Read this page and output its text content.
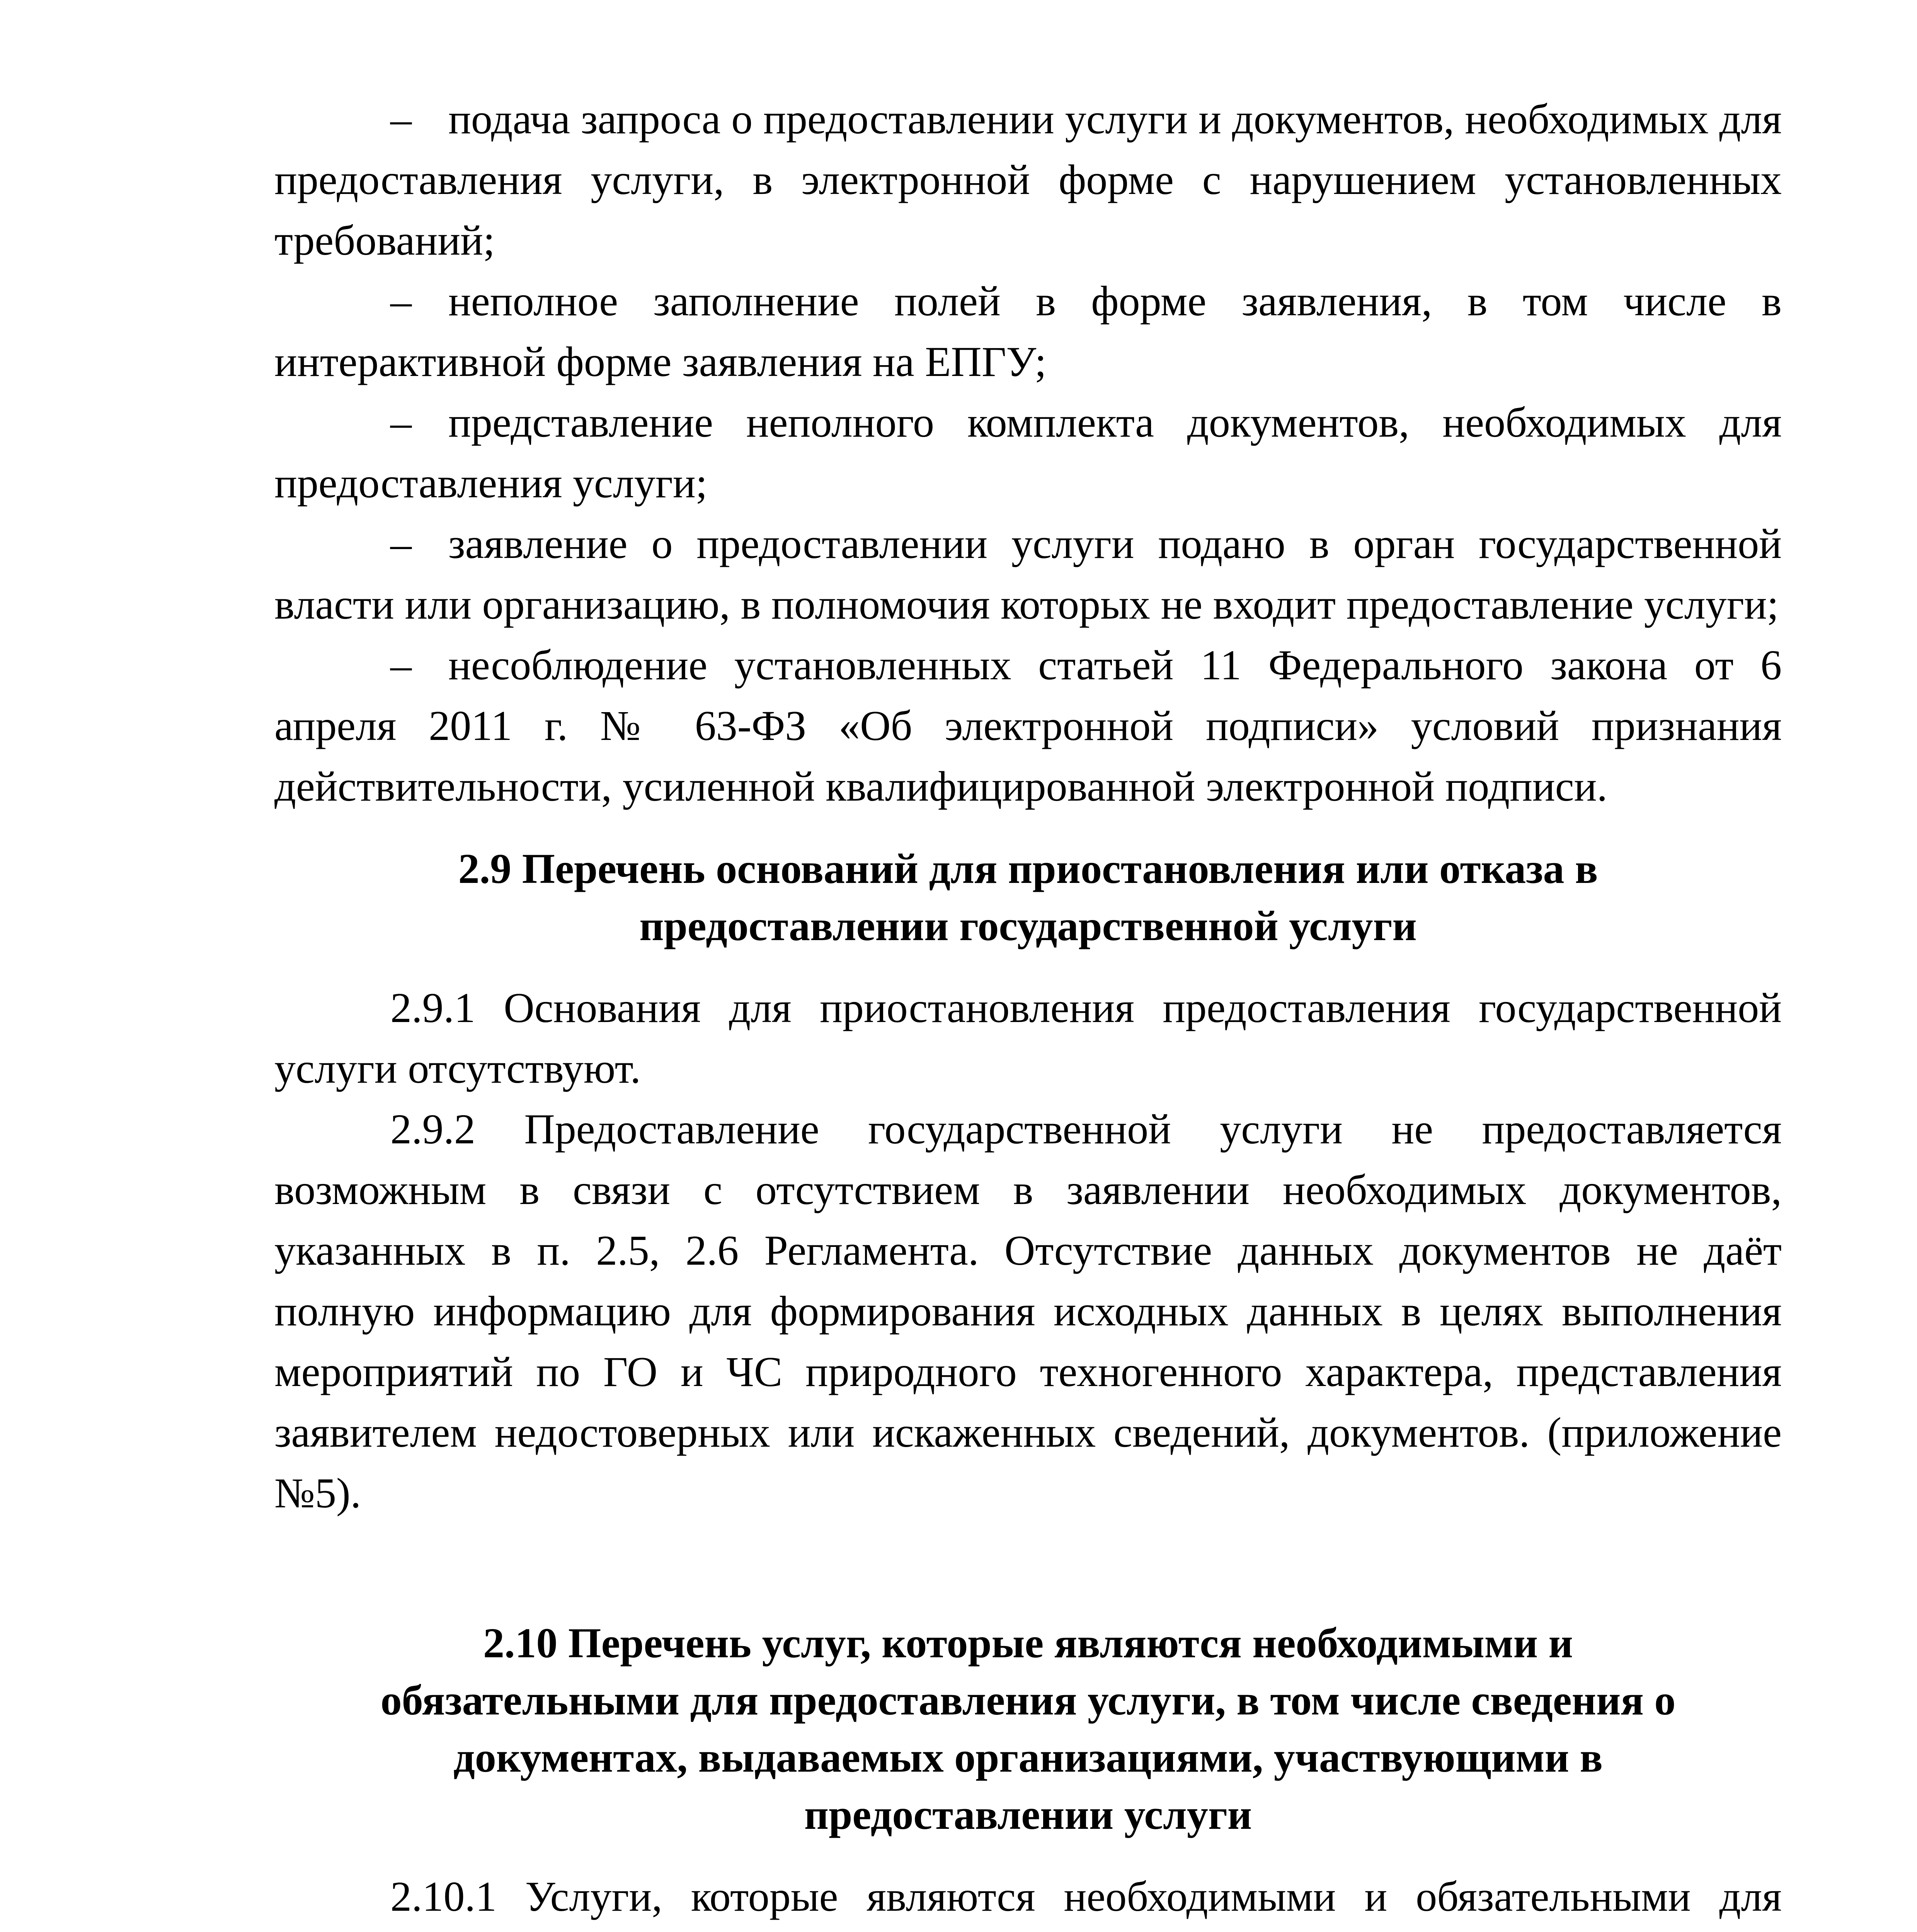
– подача запроса о предоставлении услуги и документов, необходимых для предоставления услуги, в электронной форме с нарушением установленных требований;

– неполное заполнение полей в форме заявления, в том числе в интерактивной форме заявления на ЕПГУ;

– представление неполного комплекта документов, необходимых для предоставления услуги;

– заявление о предоставлении услуги подано в орган государственной власти или организацию, в полномочия которых не входит предоставление услуги;

– несоблюдение установленных статьей 11 Федерального закона от 6 апреля 2011 г. № 63-ФЗ «Об электронной подписи» условий признания действительности, усиленной квалифицированной электронной подписи.

2.9 Перечень оснований для приостановления или отказа в предоставлении государственной услуги

2.9.1 Основания для приостановления предоставления государственной услуги отсутствуют.

2.9.2 Предоставление государственной услуги не предоставляется возможным в связи с отсутствием в заявлении необходимых документов, указанных в п. 2.5, 2.6 Регламента. Отсутствие данных документов не даёт полную информацию для формирования исходных данных в целях выполнения мероприятий по ГО и ЧС природного техногенного характера, представления заявителем недостоверных или искаженных сведений, документов. (приложение №5).

2.10 Перечень услуг, которые являются необходимыми и обязательными для предоставления услуги, в том числе сведения о документах, выдаваемых организациями, участвующими в предоставлении услуги

2.10.1 Услуги, которые являются необходимыми и обязательными для
